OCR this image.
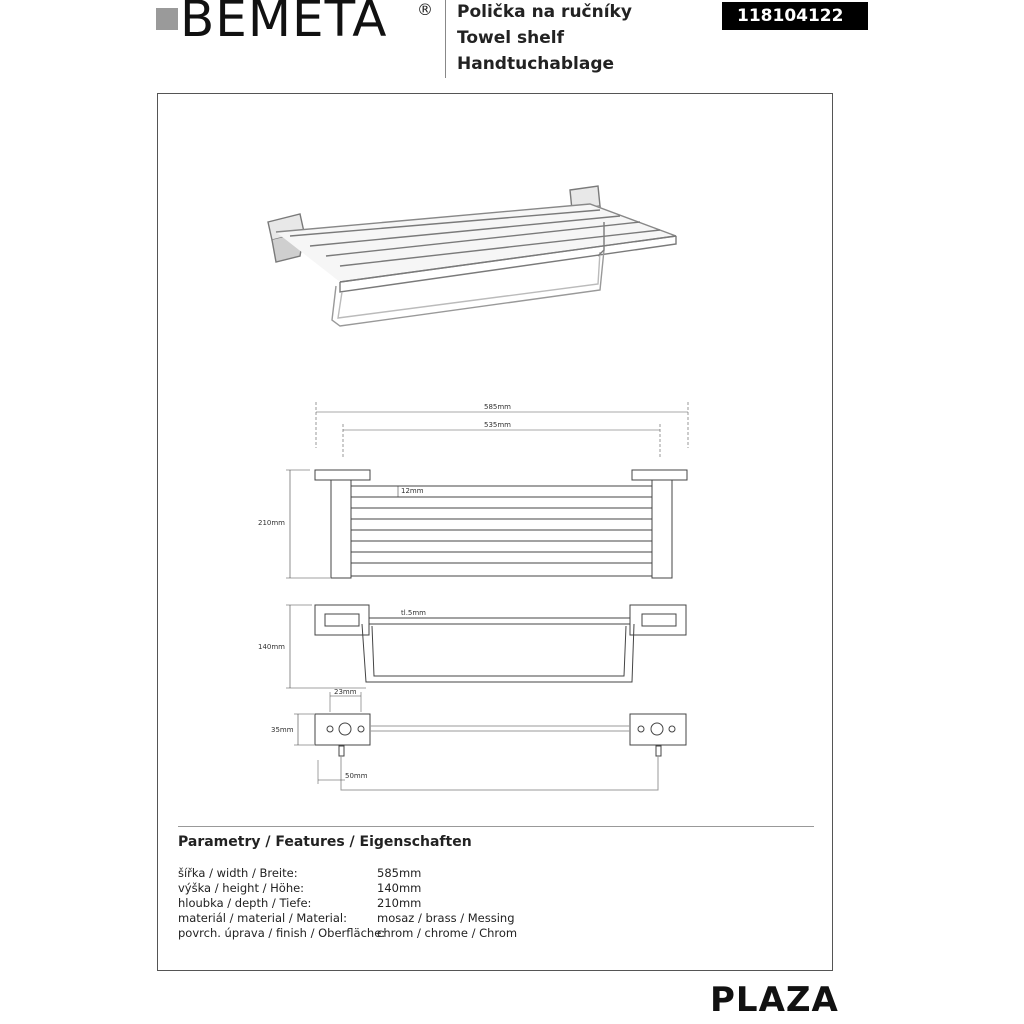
BEMETA ® Polička na ručníky
Towel shelf
Handtuchablage
118104122
585mm
535mm
210mm
12mm
tl.5mm
140mm
23mm
35mm
50mm
Parametry / Features / Eigenschaften
šířka / width / Breite:	585mm
výška / height / Höhe:	140mm
hloubka / depth / Tiefe:	210mm
materiál / material / Material:	mosaz / brass / Messing
povrch. úprava / finish / Oberfläche:
chrom / chrome / Chrom
PLAZA
